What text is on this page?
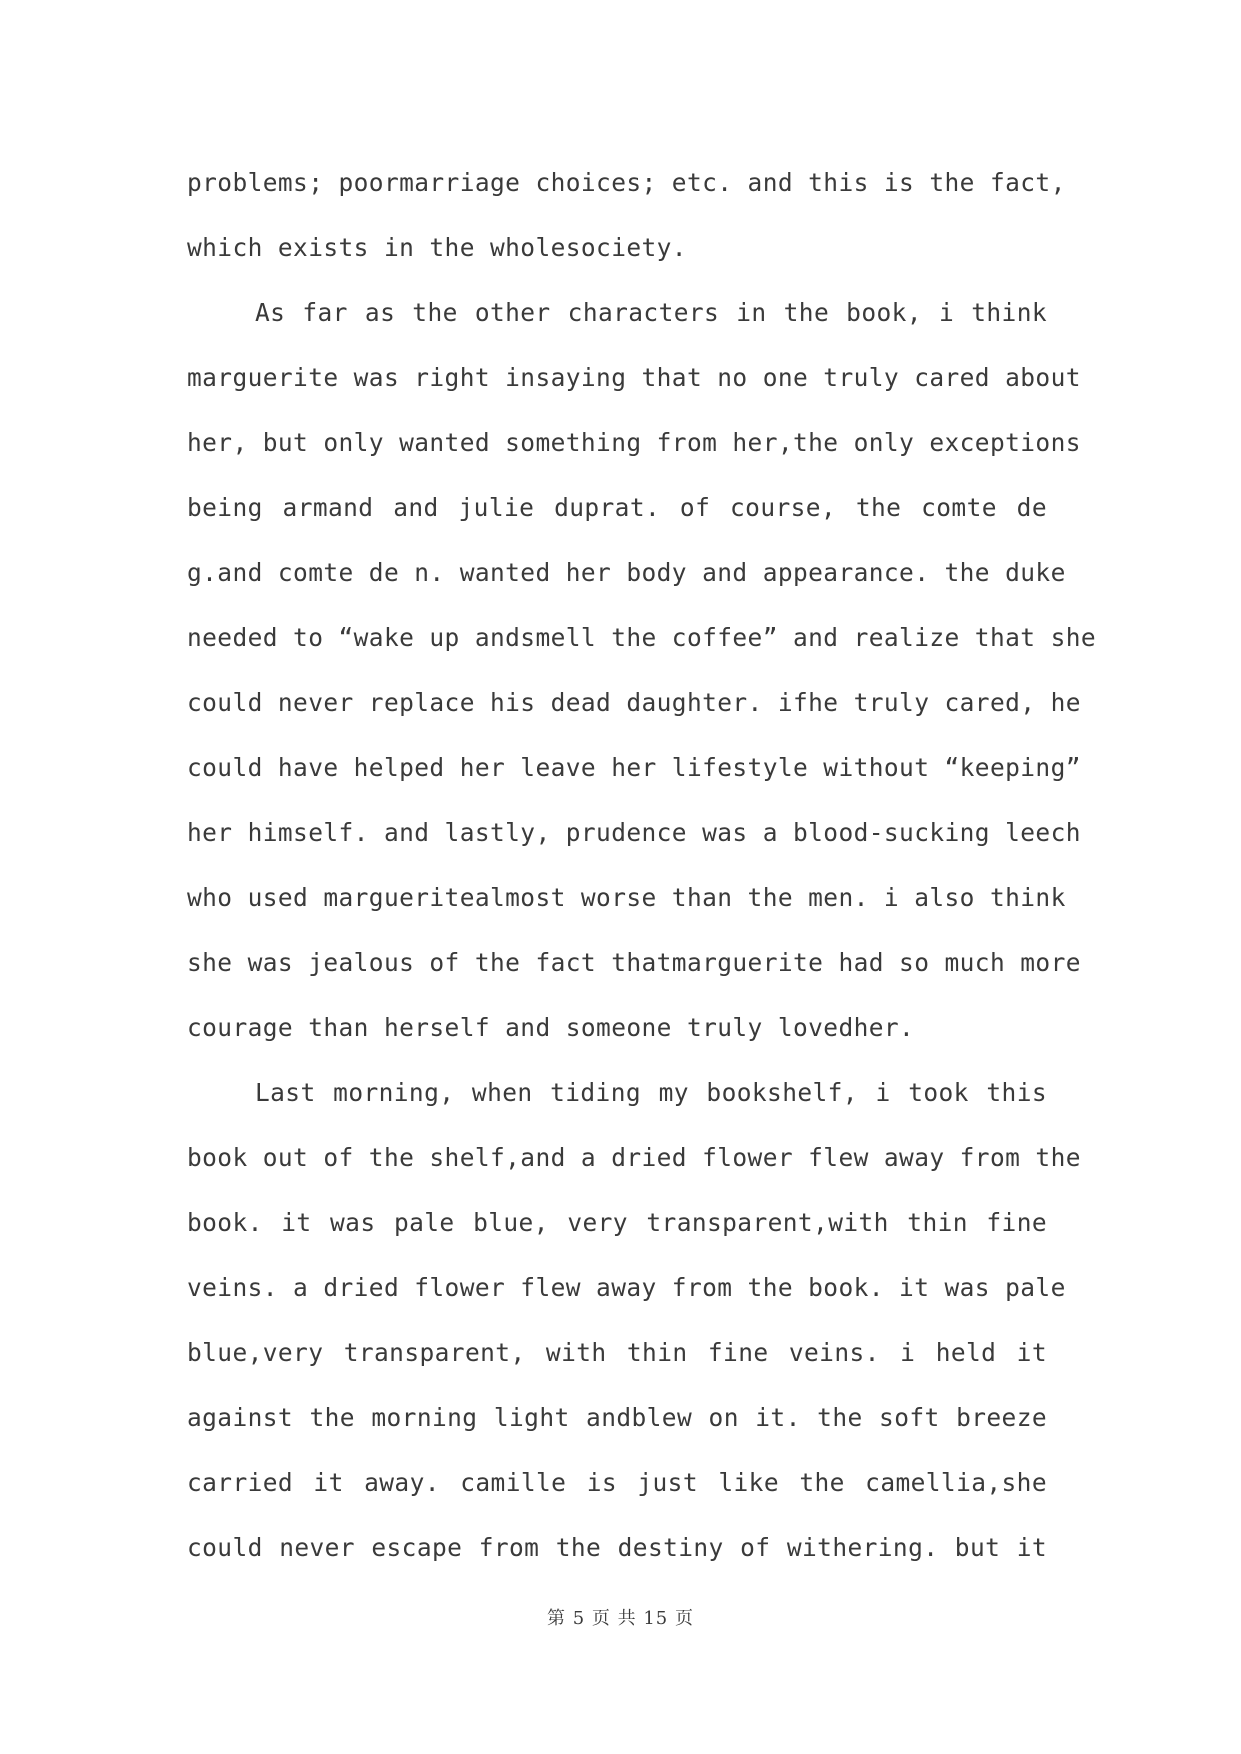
problems; poormarriage choices; etc. and this is the fact,
which exists in the wholesociety.
As far as the other characters in the book, i think
marguerite was right insaying that no one truly cared about
her, but only wanted something from her,the only exceptions
being armand and julie duprat. of course, the comte de
g.and comte de n. wanted her body and appearance. the duke
needed to “wake up andsmell the coffee” and realize that she
could never replace his dead daughter. ifhe truly cared, he
could have helped her leave her lifestyle without “keeping”
her himself. and lastly, prudence was a blood-sucking leech
who used margueritealmost worse than the men. i also think
she was jealous of the fact thatmarguerite had so much more
courage than herself and someone truly lovedher.
Last morning, when tiding my bookshelf, i took this
book out of the shelf,and a dried flower flew away from the
book. it was pale blue, very transparent,with thin fine
veins. a dried flower flew away from the book. it was pale
blue,very transparent, with thin fine veins. i held it
against the morning light andblew on it. the soft breeze
carried it away. camille is just like the camellia,she
could never escape from the destiny of withering. but it
第 5 页 共 15 页
